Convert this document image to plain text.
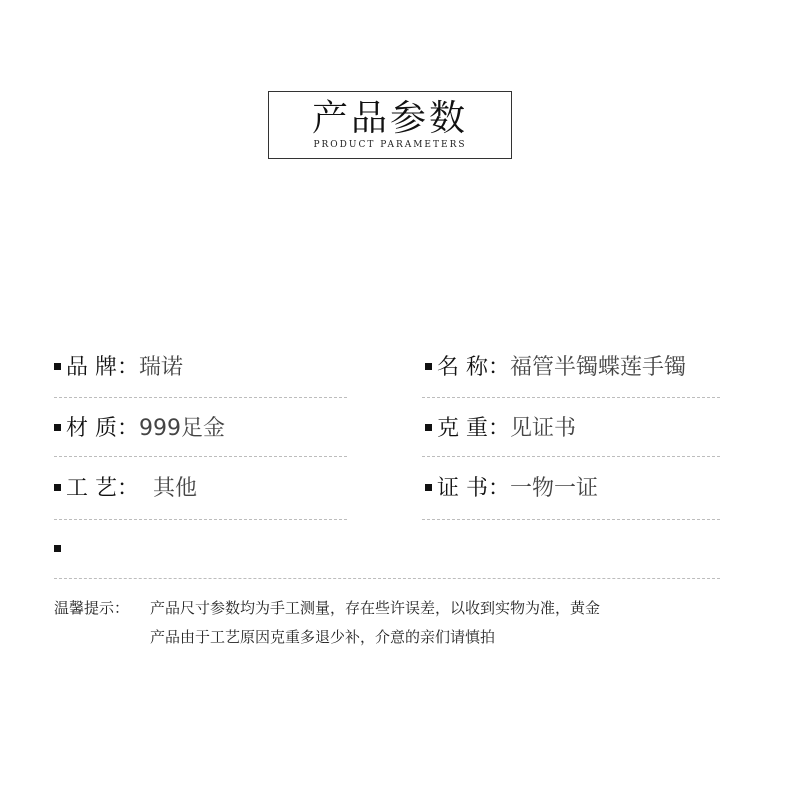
产品参数
PRODUCT PARAMETERS
品 牌：瑞诺	名 称：福管半镯蝶莲手镯
材 质：999足金	克 重：见证书
工 艺：  其他	证 书：一物一证
温馨提示： 产品尺寸参数均为手工测量，存在些许误差，以收到实物为准，黄金
产品由于工艺原因克重多退少补，介意的亲们请慎拍
